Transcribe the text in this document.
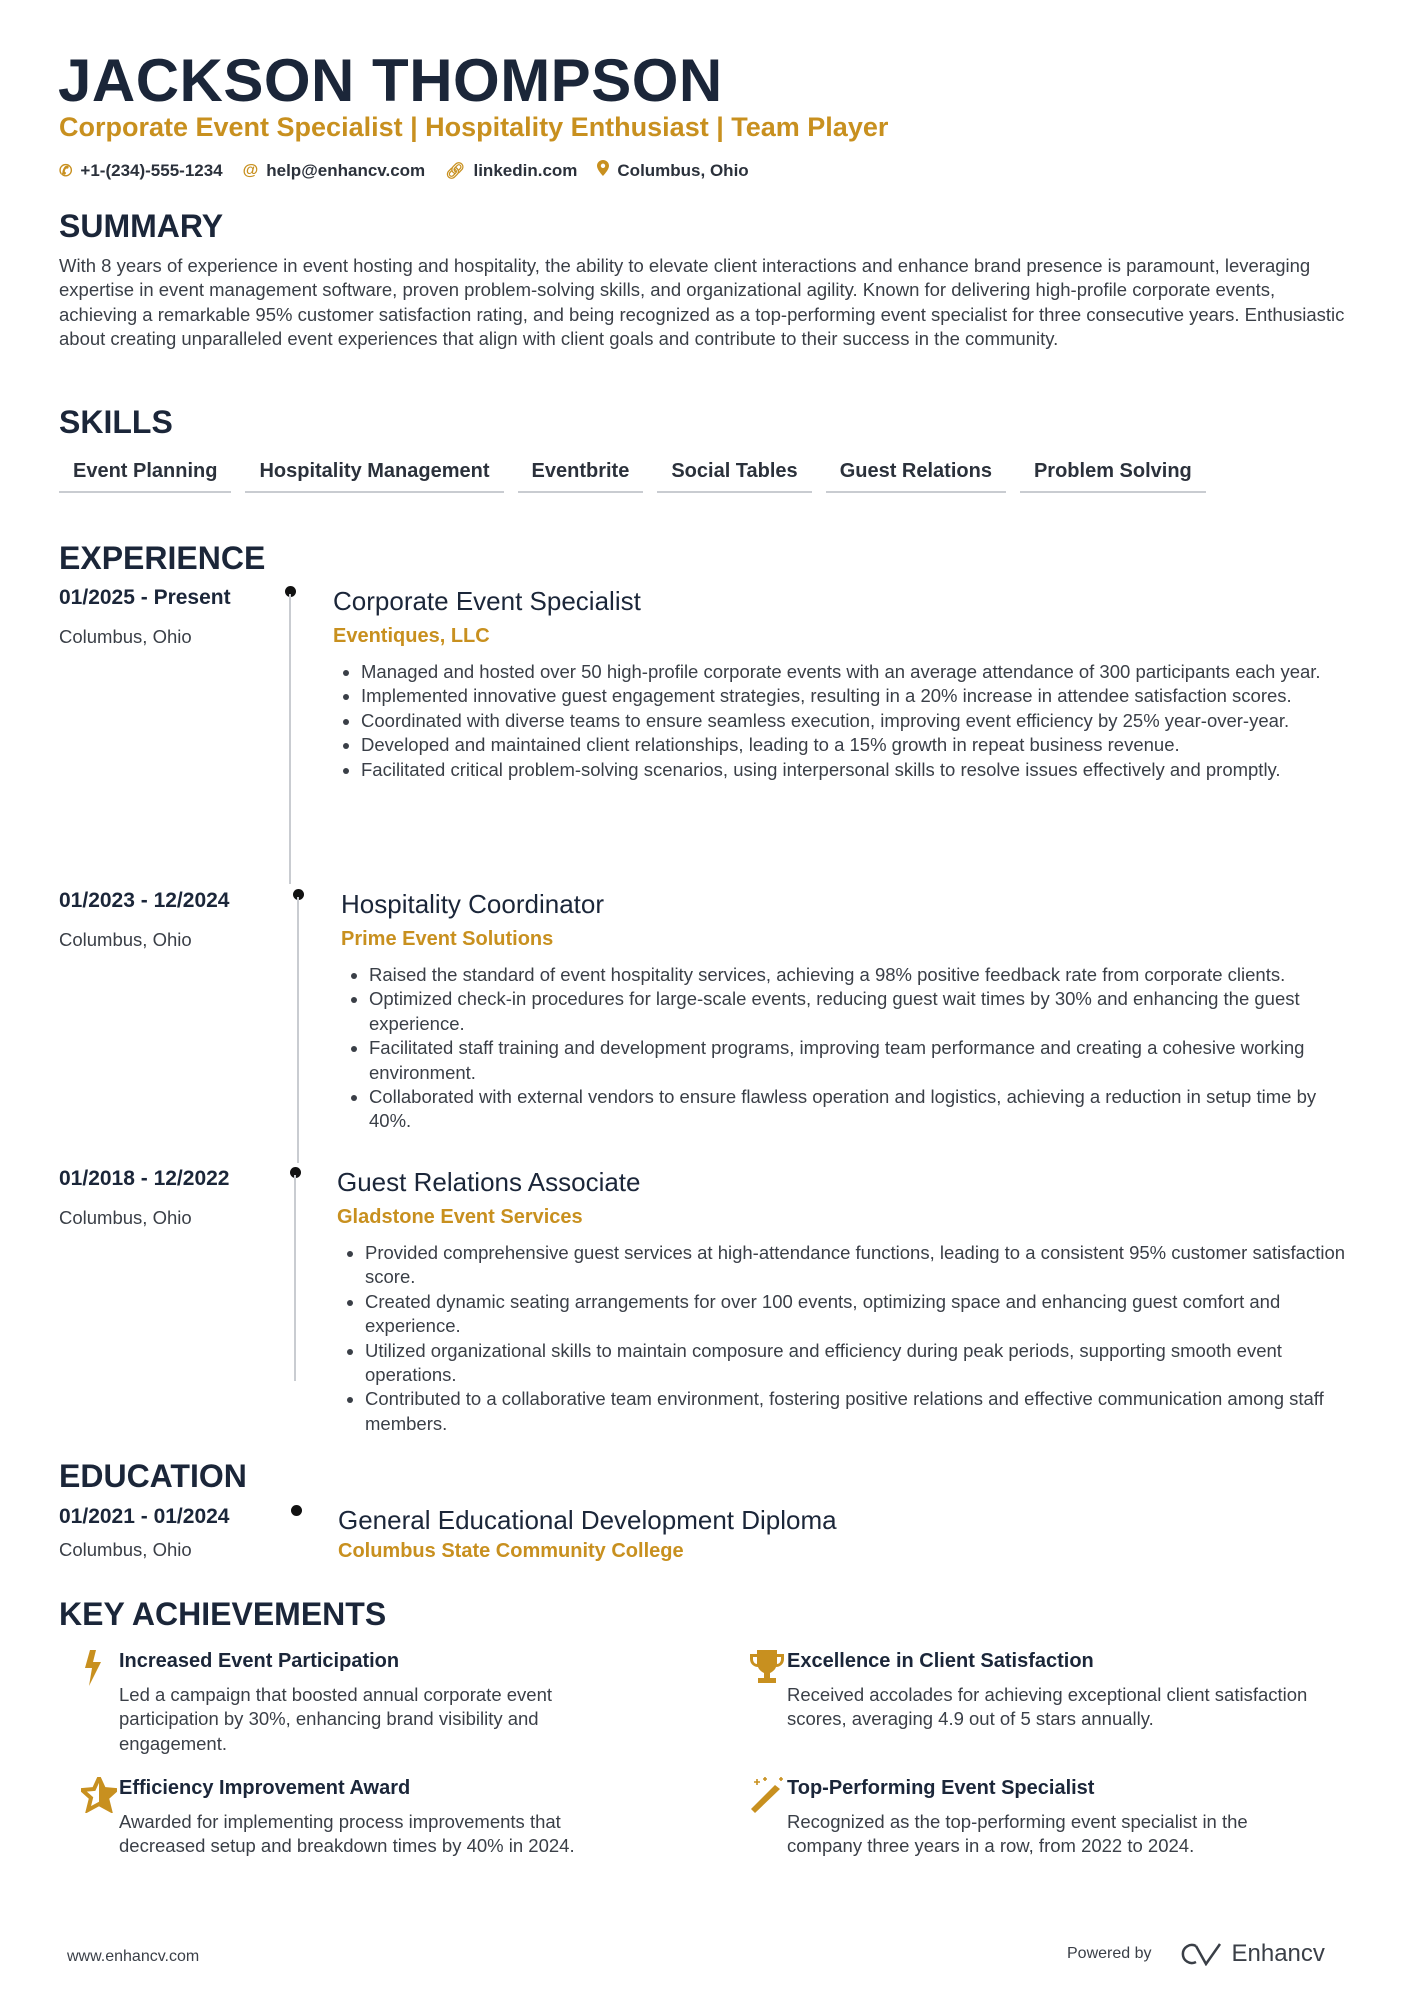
JACKSON THOMPSON
Corporate Event Specialist | Hospitality Enthusiast | Team Player
✆ +1-(234)-555-1234 @ help@enhancv.com 🔗︎ linkedin.com Columbus, Ohio
SUMMARY
With 8 years of experience in event hosting and hospitality, the ability to elevate client interactions and enhance brand presence is paramount, leveraging expertise in event management software, proven problem-solving skills, and organizational agility. Known for delivering high-profile corporate events, achieving a remarkable 95% customer satisfaction rating, and being recognized as a top-performing event specialist for three consecutive years. Enthusiastic about creating unparalleled event experiences that align with client goals and contribute to their success in the community.
SKILLS
Event Planning	Hospitality Management	Eventbrite	Social Tables	Guest Relations	Problem Solving
EXPERIENCE
01/2025 - Present
Columbus, Ohio
Corporate Event Specialist
Eventiques, LLC
• Managed and hosted over 50 high-profile corporate events with an average attendance of 300 participants each year.
• Implemented innovative guest engagement strategies, resulting in a 20% increase in attendee satisfaction scores.
• Coordinated with diverse teams to ensure seamless execution, improving event efficiency by 25% year-over-year.
• Developed and maintained client relationships, leading to a 15% growth in repeat business revenue.
• Facilitated critical problem-solving scenarios, using interpersonal skills to resolve issues effectively and promptly.
01/2023 - 12/2024
Columbus, Ohio
Hospitality Coordinator
Prime Event Solutions
• Raised the standard of event hospitality services, achieving a 98% positive feedback rate from corporate clients.
• Optimized check-in procedures for large-scale events, reducing guest wait times by 30% and enhancing the guest experience.
• Facilitated staff training and development programs, improving team performance and creating a cohesive working environment.
• Collaborated with external vendors to ensure flawless operation and logistics, achieving a reduction in setup time by 40%.
01/2018 - 12/2022
Columbus, Ohio
Guest Relations Associate
Gladstone Event Services
• Provided comprehensive guest services at high-attendance functions, leading to a consistent 95% customer satisfaction score.
• Created dynamic seating arrangements for over 100 events, optimizing space and enhancing guest comfort and experience.
• Utilized organizational skills to maintain composure and efficiency during peak periods, supporting smooth event operations.
• Contributed to a collaborative team environment, fostering positive relations and effective communication among staff members.
EDUCATION
01/2021 - 01/2024
Columbus, Ohio
General Educational Development Diploma
Columbus State Community College
KEY ACHIEVEMENTS
Increased Event Participation
Led a campaign that boosted annual corporate event participation by 30%, enhancing brand visibility and engagement.
Excellence in Client Satisfaction
Received accolades for achieving exceptional client satisfaction scores, averaging 4.9 out of 5 stars annually.
Efficiency Improvement Award
Awarded for implementing process improvements that decreased setup and breakdown times by 40% in 2024.
Top-Performing Event Specialist
Recognized as the top-performing event specialist in the company three years in a row, from 2022 to 2024.
www.enhancv.com	Powered by	Enhancv
